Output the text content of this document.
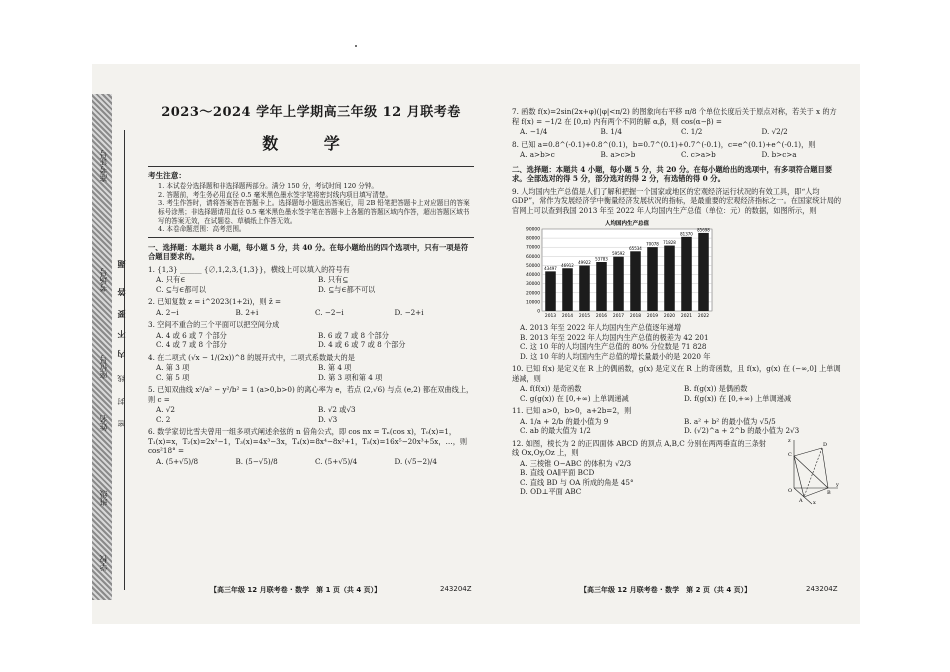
准考证号
考场号
座位号
姓名
班级
学校
题
答
要
不
内
线
封
密
2023～2024 学年上学期高三年级 12 月联考卷
数 学
考生注意：

1. 本试卷分选择题和非选择题两部分。满分 150 分，考试时间 120 分钟。

2. 答题前，考生务必用直径 0.5 毫米黑色墨水签字笔将密封线内项目填写清楚。

3. 考生作答时，请将答案答在答题卡上。选择题每小题选出答案后，用 2B 铅笔把答题卡上对应题目的答案标号涂黑；非选择题请用直径 0.5 毫米黑色墨水签字笔在答题卡上各题的答题区域内作答，超出答题区域书写的答案无效，在试题卷、草稿纸上作答无效。

4. 本卷命题范围：高考范围。

一、选择题：本题共 8 小题，每小题 5 分，共 40 分。在每小题给出的四个选项中，只有一项是符合题目要求的。
1. {1,3} ______ {∅,1,2,3,{1,3}}，横线上可以填入的符号有
A. 只有∈	B. 只有⊆
C. ⊆与∈都可以	D. ⊆与∈都不可以
2. 已知复数 z = i^2023(1+2i)，则 z̄ =
A. 2−i	B. 2+i	C. −2−i	D. −2+i
3. 空间不重合的三个平面可以把空间分成
A. 4 或 6 或 7 个部分	B. 6 或 7 或 8 个部分
C. 4 或 7 或 8 个部分	D. 4 或 6 或 7 或 8 个部分
4. 在二项式 (√x − 1/(2x))^8 的展开式中，二项式系数最大的是
A. 第 3 项	B. 第 4 项
C. 第 5 项	D. 第 3 项和第 4 项
5. 已知双曲线 x²/a² − y²/b² = 1 (a>0,b>0) 的离心率为 e，若点 (2,√6) 与点 (e,2) 都在双曲线上，则 c =
A. √2	B. √2 或√3
C. 2	D. √3
6. 数学家切比雪夫曾用一组多项式阐述余弦的 n 倍角公式，即 cos nx = Tₙ(cos x)，T₀(x)=1，T₁(x)=x，T₂(x)=2x²−1，T₃(x)=4x³−3x，T₄(x)=8x⁴−8x²+1，T₅(x)=16x⁵−20x³+5x，…，则 cos²18° =
A. (5+√5)/8	B. (5−√5)/8	C. (5+√5)/4	D. (√5−2)/4
7. 函数 f(x)=2sin(2x+φ)(|φ|<π/2) 的图象向右平移 π/8 个单位长度后关于原点对称，若关于 x 的方程 f(x) = −1/2 在 [0,π) 内有两个不同的解 α,β，则 cos(α−β) =
A. −1/4	B. 1/4	C. 1/2	D. √2/2
8. 已知 a=0.8^(-0.1)+0.8^(0.1)，b=0.7^(0.1)+0.7^(-0.1)，c=e^(0.1)+e^(-0.1)，则
A. a>b>c	B. a>c>b	C. c>a>b	D. b>c>a
二、选择题：本题共 4 小题，每小题 5 分，共 20 分。在每小题给出的选项中，有多项符合题目要求。全部选对的得 5 分，部分选对的得 2 分，有选错的得 0 分。
9. 人均国内生产总值是人们了解和把握一个国家或地区的宏观经济运行状况的有效工具，即“人均 GDP”，常作为发展经济学中衡量经济发展状况的指标，是最重要的宏观经济指标之一。在国家统计局的官网上可以查到我国 2013 年至 2022 年人均国内生产总值（单位：元）的数据，如图所示，则
人均国内生产总值
0
10000
20000
30000
40000
50000
60000
70000
80000
90000
43497
2013
46912
2014
49922
2015
53783
2016
59592
2017
65534
2018
70078
2019
71828
2020
81370
2021
85698
2022
A. 2013 年至 2022 年人均国内生产总值逐年递增
B. 2013 年至 2022 年人均国内生产总值的极差为 42 201
C. 这 10 年的人均国内生产总值的 80% 分位数是 71 828
D. 这 10 年的人均国内生产总值的增长量最小的是 2020 年
10. 已知 f(x) 是定义在 R 上的偶函数，g(x) 是定义在 R 上的奇函数，且 f(x)，g(x) 在 (−∞,0] 上单调递减，则
A. f(f(x)) 是奇函数	B. f(g(x)) 是偶函数
C. g(g(x)) 在 [0,+∞) 上单调递减	D. f(g(x)) 在 [0,+∞) 上单调递减
11. 已知 a>0，b>0，a+2b=2，则
A. 1/a + 2/b 的最小值为 9	B. a² + b² 的最小值为 √5/5
C. ab 的最大值为 1/2	D. (√2)^a + 2^b 的最小值为 2√3
12. 如图，棱长为 2 的正四面体 ABCD 的顶点 A,B,C 分别在两两垂直的三条射线 Ox,Oy,Oz 上，则
A. 三棱锥 O−ABC 的体积为 √2/3
B. 直线 OA∥平面 BCD
C. 直线 BD 与 OA 所成的角是 45°
D. OD⊥平面 ABC
D
C
A
B
O
y
x
z
【高三年级 12 月联考卷 · 数学　第 1 页（共 4 页）】	243204Z	【高三年级 12 月联考卷 · 数学　第 2 页（共 4 页）】	243204Z
